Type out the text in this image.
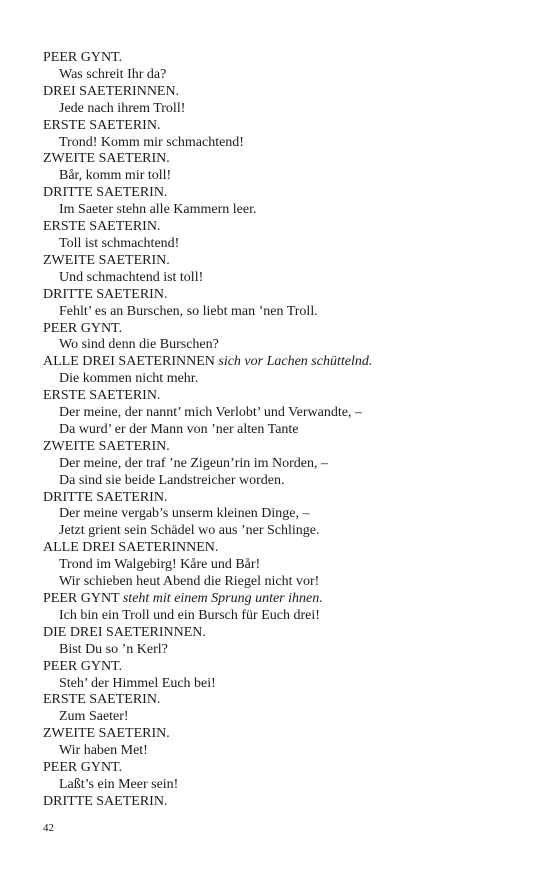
PEER GYNT.
Was schreit Ihr da?
DREI SAETERINNEN.
Jede nach ihrem Troll!
ERSTE SAETERIN.
Trond! Komm mir schmachtend!
ZWEITE SAETERIN.
Bår, komm mir toll!
DRITTE SAETERIN.
Im Saeter stehn alle Kammern leer.
ERSTE SAETERIN.
Toll ist schmachtend!
ZWEITE SAETERIN.
Und schmachtend ist toll!
DRITTE SAETERIN.
Fehlt’ es an Burschen, so liebt man ’nen Troll.
PEER GYNT.
Wo sind denn die Burschen?
ALLE DREI SAETERINNEN sich vor Lachen schüttelnd.
Die kommen nicht mehr.
ERSTE SAETERIN.
Der meine, der nannt’ mich Verlobt’ und Verwandte, –
Da wurd’ er der Mann von ’ner alten Tante
ZWEITE SAETERIN.
Der meine, der traf ’ne Zigeun’rin im Norden, –
Da sind sie beide Landstreicher worden.
DRITTE SAETERIN.
Der meine vergab’s unserm kleinen Dinge, –
Jetzt grient sein Schädel wo aus ’ner Schlinge.
ALLE DREI SAETERINNEN.
Trond im Walgebirg! Kåre und Bår!
Wir schieben heut Abend die Riegel nicht vor!
PEER GYNT steht mit einem Sprung unter ihnen.
Ich bin ein Troll und ein Bursch für Euch drei!
DIE DREI SAETERINNEN.
Bist Du so ’n Kerl?
PEER GYNT.
Steh’ der Himmel Euch bei!
ERSTE SAETERIN.
Zum Saeter!
ZWEITE SAETERIN.
Wir haben Met!
PEER GYNT.
Laßt’s ein Meer sein!
DRITTE SAETERIN.
42
